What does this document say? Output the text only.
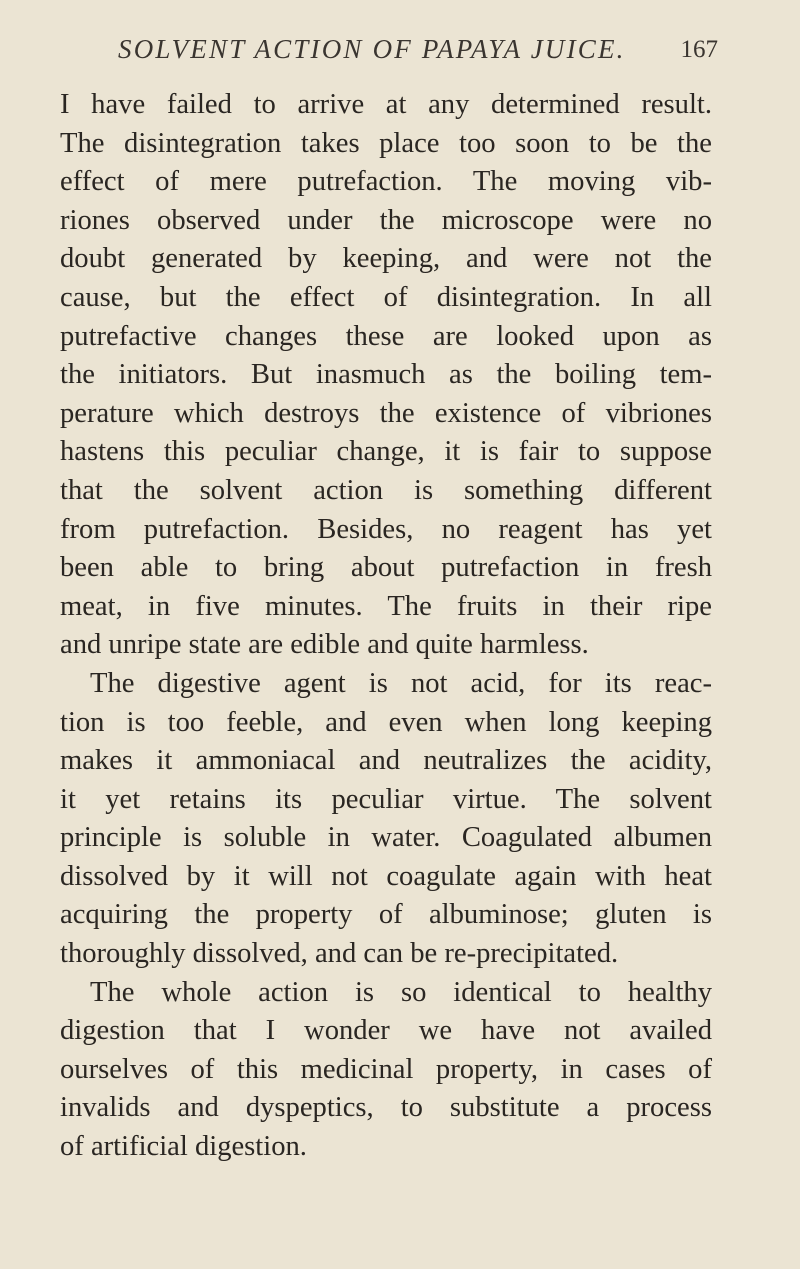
SOLVENT ACTION OF PAPAYA JUICE. 167
I have failed to arrive at any determined result.
The disintegration takes place too soon to be the
effect of mere putrefaction. The moving vib-
riones observed under the microscope were no
doubt generated by keeping, and were not the
cause, but the effect of disintegration. In all
putrefactive changes these are looked upon as
the initiators. But inasmuch as the boiling tem-
perature which destroys the existence of vibriones
hastens this peculiar change, it is fair to suppose
that the solvent action is something different
from putrefaction. Besides, no reagent has yet
been able to bring about putrefaction in fresh
meat, in five minutes. The fruits in their ripe
and unripe state are edible and quite harmless.
The digestive agent is not acid, for its reac-
tion is too feeble, and even when long keeping
makes it ammoniacal and neutralizes the acidity,
it yet retains its peculiar virtue. The solvent
principle is soluble in water. Coagulated albumen
dissolved by it will not coagulate again with heat
acquiring the property of albuminose; gluten is
thoroughly dissolved, and can be re-precipitated.
The whole action is so identical to healthy
digestion that I wonder we have not availed
ourselves of this medicinal property, in cases of
invalids and dyspeptics, to substitute a process
of artificial digestion.
